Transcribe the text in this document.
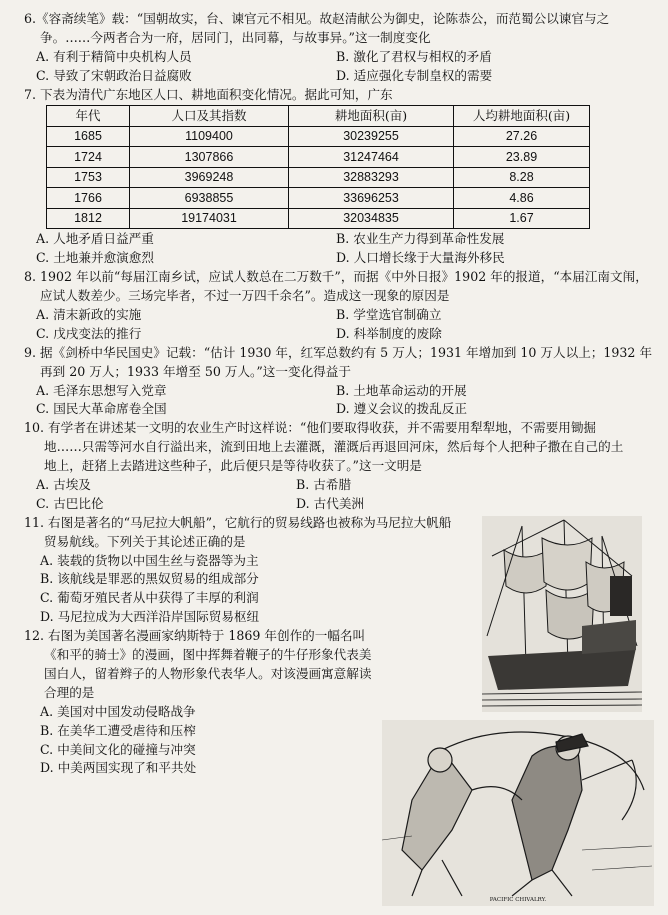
6.《容斋续笔》载：“国朝故实，台、谏官元不相见。故赵清献公为御史，论陈恭公，而范蜀公以谏官与之争。……今两者合为一府，居同门，出同幕，与故事异。”这一制度变化

A. 有利于精简中央机构人员	B. 激化了君权与相权的矛盾
C. 导致了宋朝政治日益腐败	D. 适应强化专制皇权的需要

7. 下表为清代广东地区人口、耕地面积变化情况。据此可知，广东

年代	人口及其指数	耕地面积(亩)	人均耕地面积(亩)
1685	1109400	30239255	27.26
1724	1307866	31247464	23.89
1753	3969248	32883293	8.28
1766	6938855	33696253	4.86
1812	19174031	32034835	1.67
A. 人地矛盾日益严重	B. 农业生产力得到革命性发展
C. 土地兼并愈演愈烈	D. 人口增长缘于大量海外移民

8. 1902 年以前“每届江南乡试，应试人数总在二万数千”，而据《中外日报》1902 年的报道，“本届江南文闱，应试人数差少。三场完毕者，不过一万四千余名”。造成这一现象的原因是

A. 清末新政的实施	B. 学堂选官制确立
C. 戊戌变法的推行	D. 科举制度的废除

9. 据《剑桥中华民国史》记载：“估计 1930 年，红军总数约有 5 万人；1931 年增加到 10 万人以上；1932 年再到 20 万人；1933 年增至 50 万人。”这一变化得益于

A. 毛泽东思想写入党章	B. 土地革命运动的开展
C. 国民大革命席卷全国	D. 遵义会议的拨乱反正

10. 有学者在讲述某一文明的农业生产时这样说：“他们要取得收获，并不需要用犁犁地，不需要用锄掘地……只需等河水自行溢出来，流到田地上去灌溉，灌溉后再退回河床，然后每个人把种子撒在自己的土地上，赶猪上去踏进这些种子，此后便只是等待收获了。”这一文明是

A. 古埃及	B. 古希腊
C. 古巴比伦	D. 古代美洲

11. 右图是著名的“马尼拉大帆船”，它航行的贸易线路也被称为马尼拉大帆船贸易航线。下列关于其论述正确的是

A. 装载的货物以中国生丝与瓷器等为主
B. 该航线是罪恶的黑奴贸易的组成部分
C. 葡萄牙殖民者从中获得了丰厚的利润
D. 马尼拉成为大西洋沿岸国际贸易枢纽

12. 右图为美国著名漫画家纳斯特于 1869 年创作的一幅名叫《和平的骑士》的漫画，图中挥舞着鞭子的牛仔形象代表美国白人，留着辫子的人物形象代表华人。对该漫画寓意解读合理的是

A. 美国对中国发动侵略战争
B. 在美华工遭受虐待和压榨
C. 中美间文化的碰撞与冲突
D. 中美两国实现了和平共处
PACIFIC CHIVALRY.
